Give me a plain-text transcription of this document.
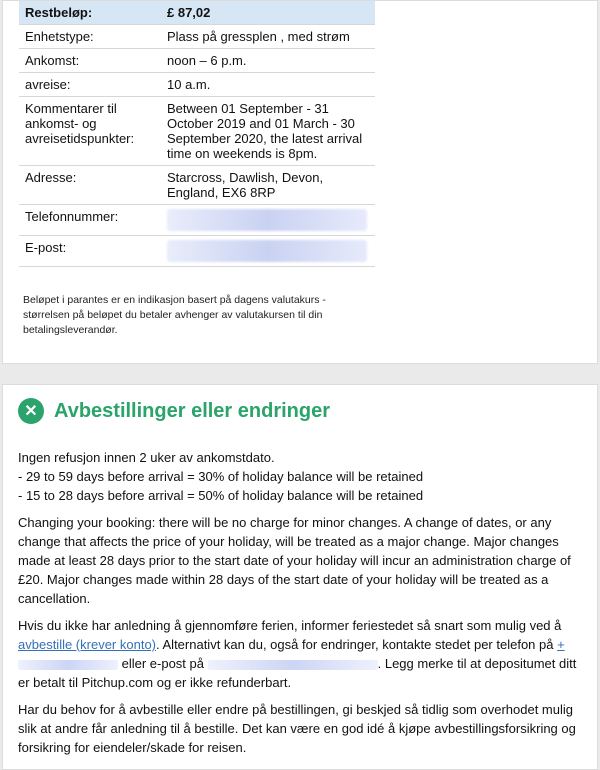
Restbeløp:	£ 87,02
Enhetstype:	Plass på gressplen , med strøm
Ankomst:	noon – 6 p.m.
avreise:	10 a.m.
Kommentarer til ankomst- og avreisetidspunkter:	Between 01 September - 31 October 2019 and 01 March - 30 September 2020, the latest arrival time on weekends is 8pm.
Adresse:	Starcross, Dawlish, Devon, England, EX6 8RP
Telefonnummer:	

E-post:	
Beløpet i parantes er en indikasjon basert på dagens valutakurs - størrelsen på beløpet du betaler avhenger av valutakursen til din betalingsleverandør.
✕ Avbestillinger eller endringer

Ingen refusjon innen 2 uker av ankomstdato.
- 29 to 59 days before arrival = 30% of holiday balance will be retained
- 15 to 28 days before arrival = 50% of holiday balance will be retained

Changing your booking: there will be no charge for minor changes. A change of dates, or any change that affects the price of your holiday, will be treated as a major change. Major changes made at least 28 days prior to the start date of your holiday will incur an administration charge of £20. Major changes made within 28 days of the start date of your holiday will be treated as a cancellation.

Hvis du ikke har anledning å gjennomføre ferien, informer feriestedet så snart som mulig ved å avbestille (krever konto). Alternativt kan du, også for endringer, kontakte stedet per telefon på + eller e-post på	. Legg merke til at depositumet ditt er betalt til Pitchup.com og er ikke refunderbart.

Har du behov for å avbestille eller endre på bestillingen, gi beskjed så tidlig som overhodet mulig slik at andre får anledning til å bestille. Det kan være en god idé å kjøpe avbestillingsforsikring og forsikring for eiendeler/skade for reisen.
